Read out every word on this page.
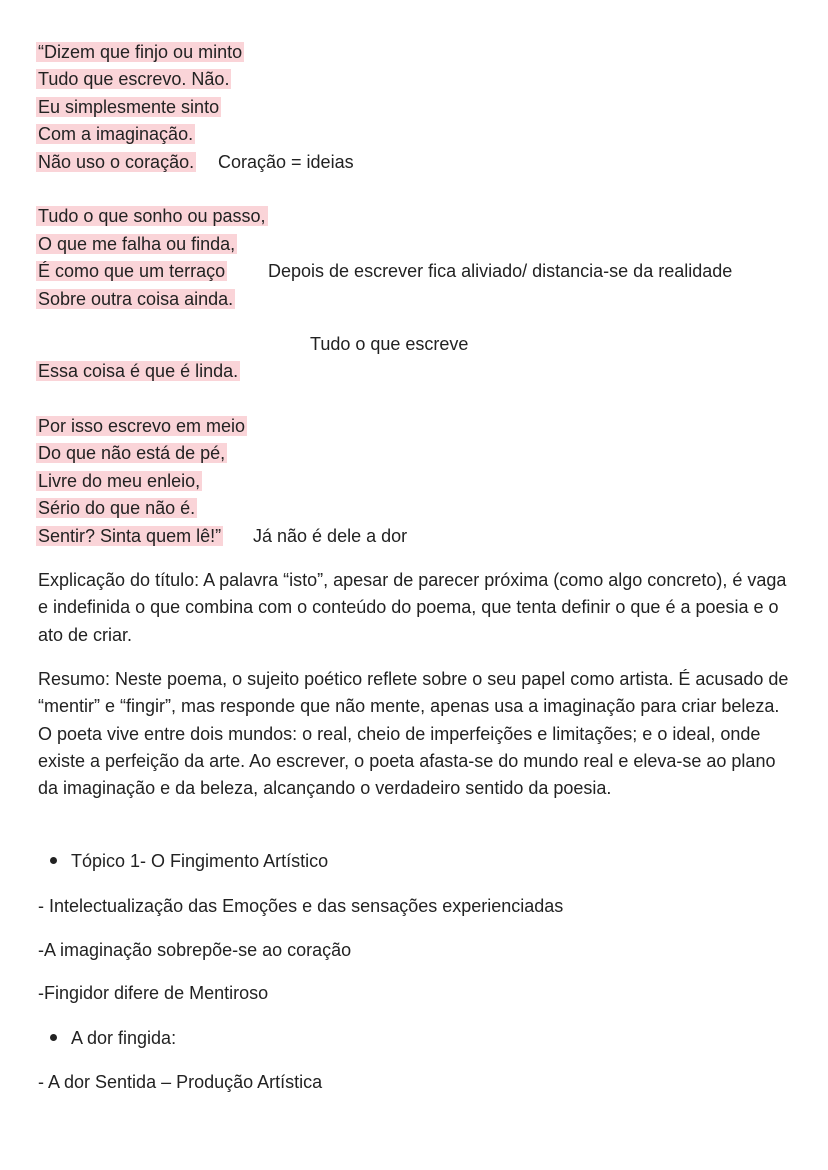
“Dizem que finjo ou minto
Tudo que escrevo. Não.
Eu simplesmente sinto
Com a imaginação.
Não uso o coração. Coração = ideias
Tudo o que sonho ou passo,
O que me falha ou finda,
É como que um terraço Depois de escrever fica aliviado/ distancia-se da realidade
Sobre outra coisa ainda.
Tudo o que escreve
Essa coisa é que é linda.
Por isso escrevo em meio
Do que não está de pé,
Livre do meu enleio,
Sério do que não é.
Sentir? Sinta quem lê!” Já não é dele a dor
Explicação do título: A palavra “isto”, apesar de parecer próxima (como algo concreto), é vaga e indefinida o que combina com o conteúdo do poema, que tenta definir o que é a poesia e o ato de criar.
Resumo: Neste poema, o sujeito poético reflete sobre o seu papel como artista. É acusado de “mentir” e “fingir”, mas responde que não mente, apenas usa a imaginação para criar beleza. O poeta vive entre dois mundos: o real, cheio de imperfeições e limitações; e o ideal, onde existe a perfeição da arte. Ao escrever, o poeta afasta-se do mundo real e eleva-se ao plano da imaginação e da beleza, alcançando o verdadeiro sentido da poesia.
Tópico 1- O Fingimento Artístico
- Intelectualização das Emoções e das sensações experienciadas
-A imaginação sobrepõe-se ao coração
-Fingidor difere de Mentiroso
A dor fingida:
- A dor Sentida – Produção Artística
